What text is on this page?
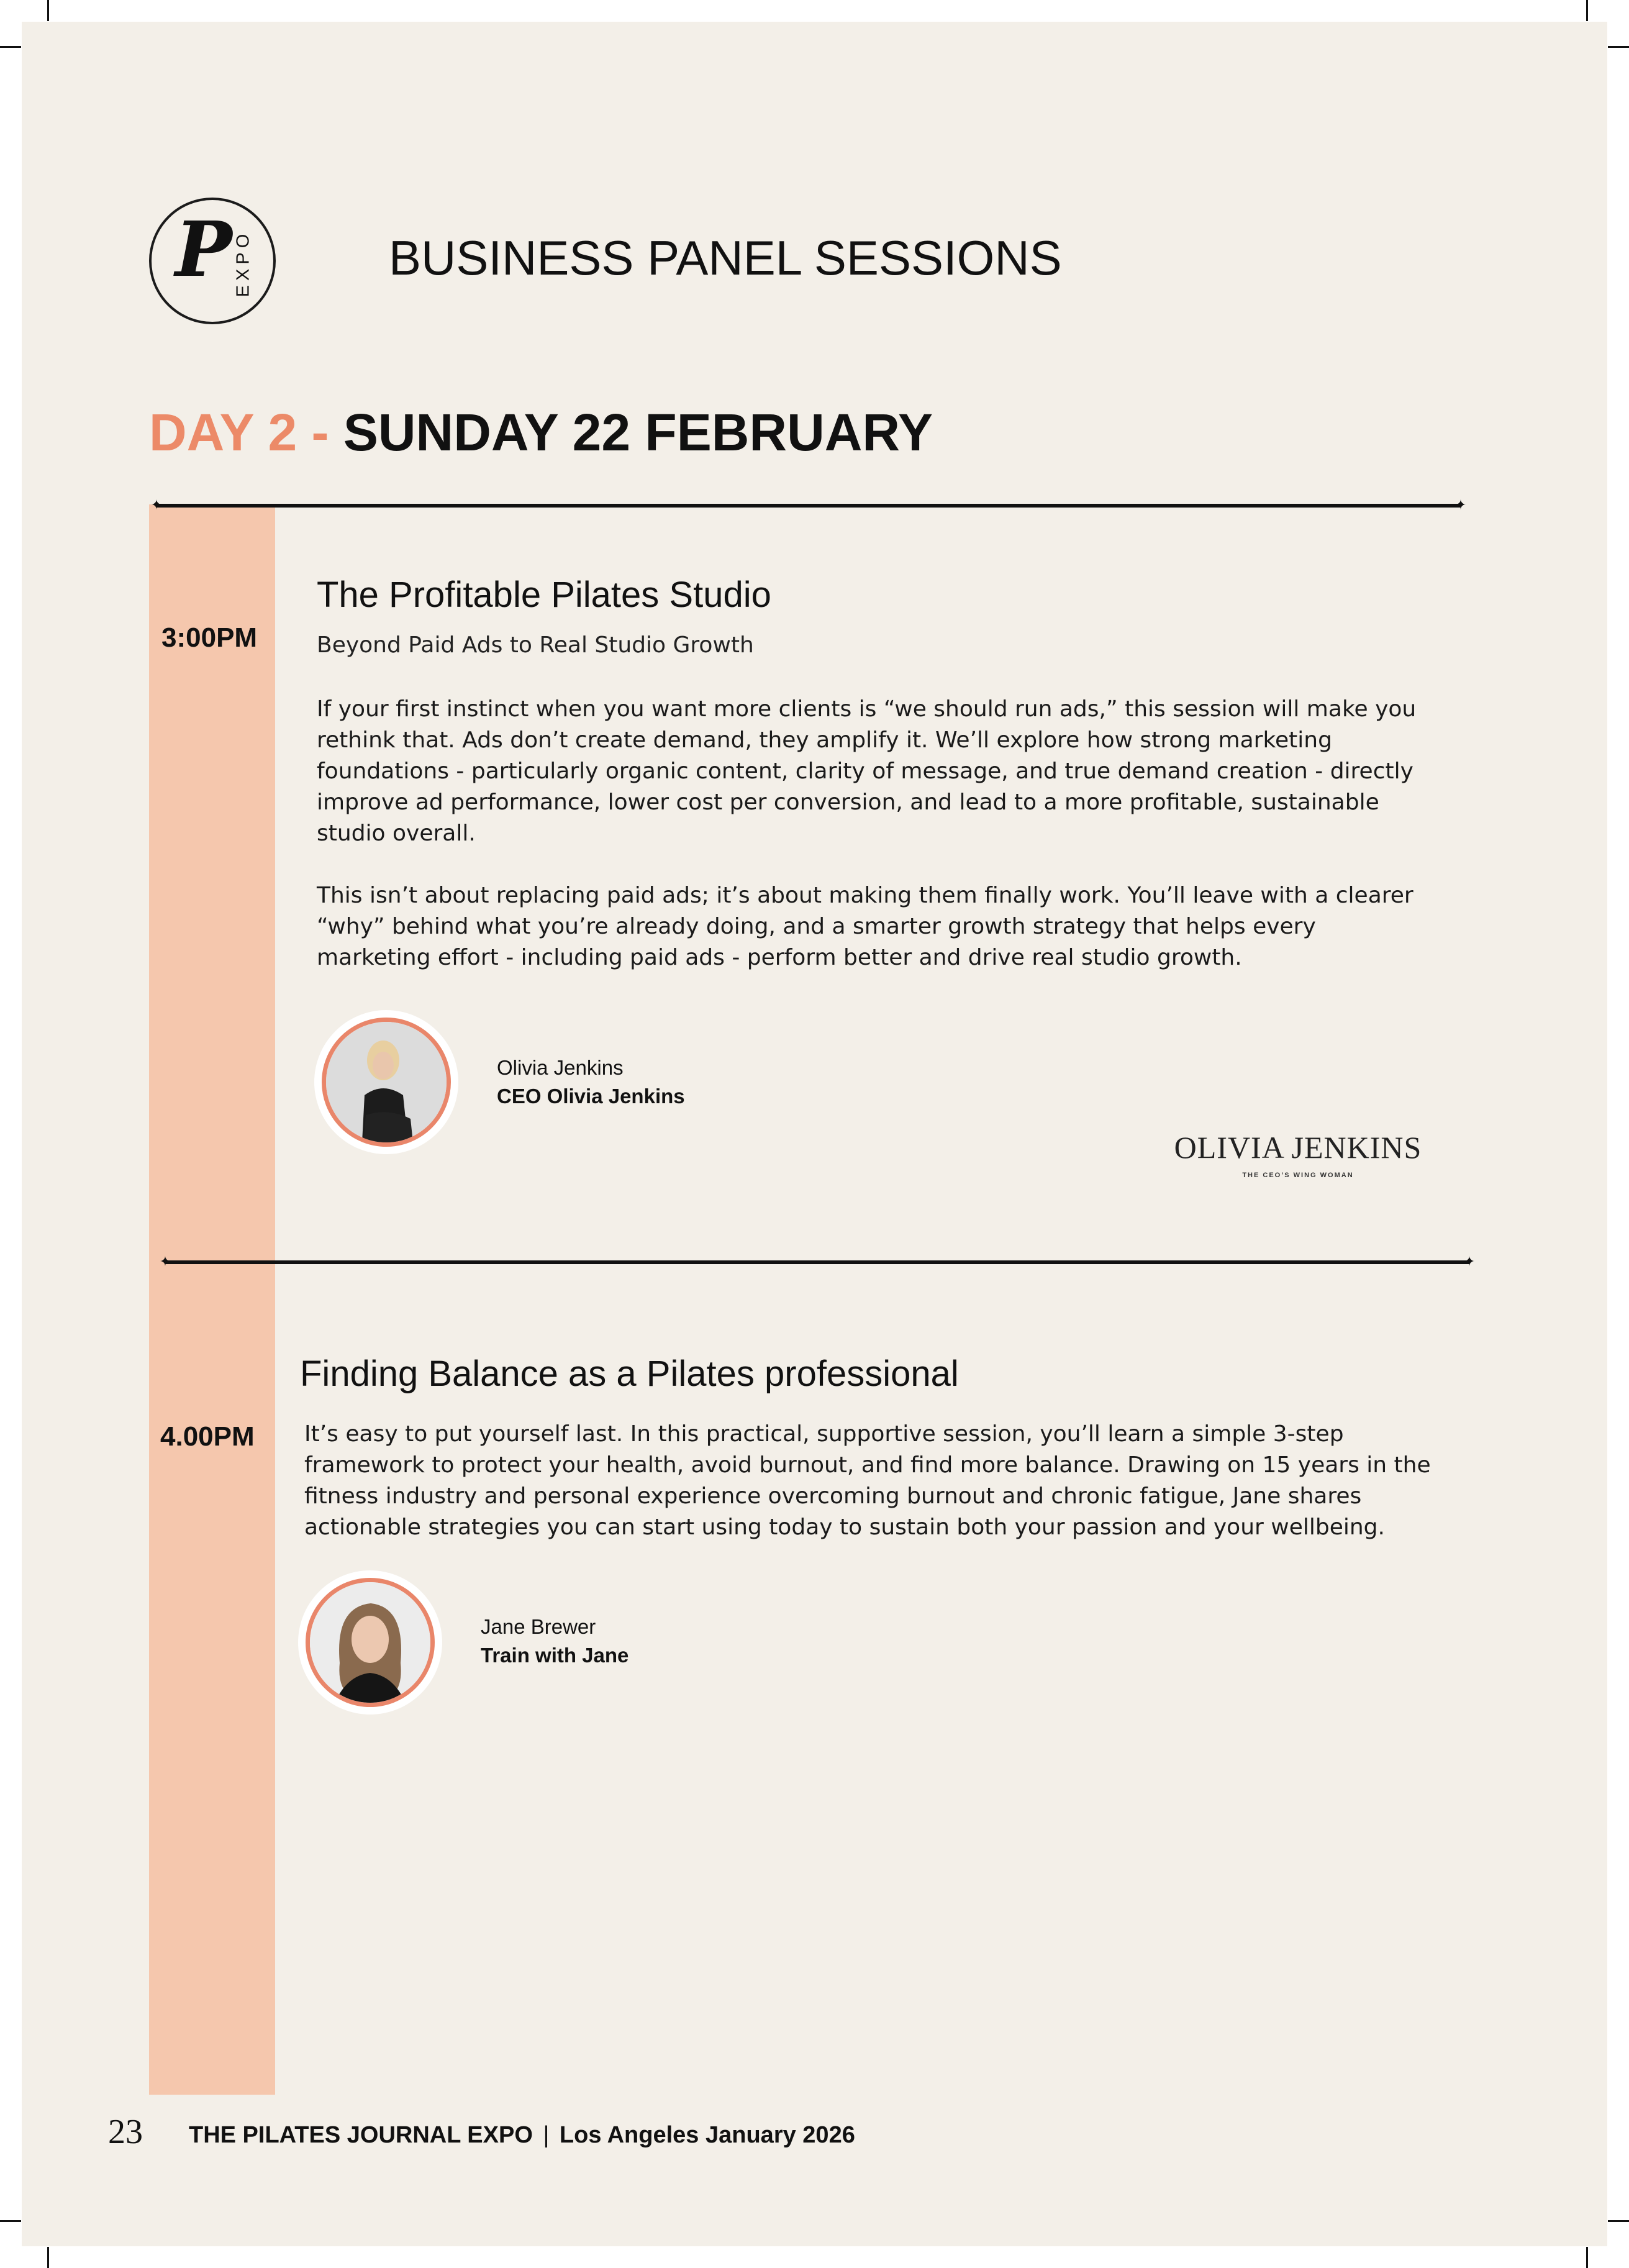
P EXPO	BUSINESS PANEL SESSIONS
DAY 2 - SUNDAY 22 FEBRUARY
✦	✦
3:00PM
The Profitable Pilates Studio
Beyond Paid Ads to Real Studio Growth

If your first instinct when you want more clients is “we should run ads,” this session will make you rethink that. Ads don’t create demand, they amplify it. We’ll explore how strong marketing foundations - particularly organic content, clarity of message, and true demand creation - directly improve ad performance, lower cost per conversion, and lead to a more profitable, sustainable studio overall.

This isn’t about replacing paid ads; it’s about making them finally work. You’ll leave with a clearer “why” behind what you’re already doing, and a smarter growth strategy that helps every marketing effort - including paid ads - perform better and drive real studio growth.

Olivia Jenkins
CEO Olivia Jenkins
OLIVIA JENKINS
THE CEO’S WING WOMAN
✦	✦
4.00PM
Finding Balance as a Pilates professional

It’s easy to put yourself last. In this practical, supportive session, you’ll learn a simple 3-step framework to protect your health, avoid burnout, and find more balance. Drawing on 15 years in the fitness industry and personal experience overcoming burnout and chronic fatigue, Jane shares actionable strategies you can start using today to sustain both your passion and your wellbeing.

Jane Brewer
Train with Jane
23 THE PILATES JOURNAL EXPO | Los Angeles January 2026
